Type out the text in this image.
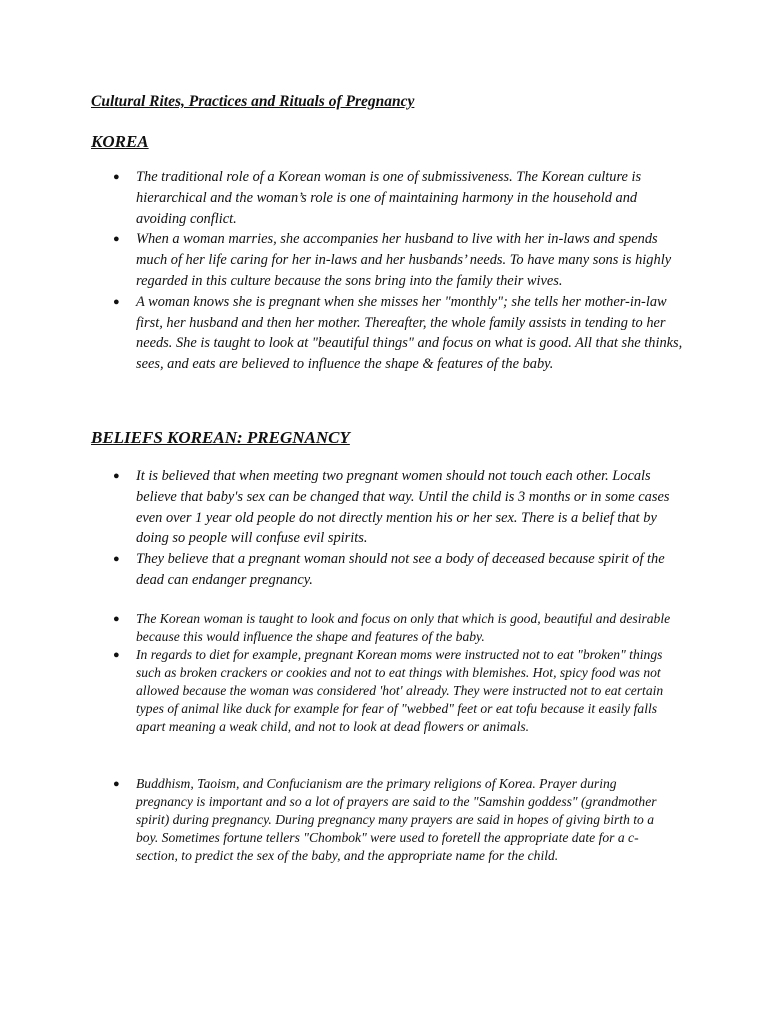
Cultural Rites, Practices and Rituals of Pregnancy
KOREA
● The traditional role of a Korean woman is one of submissiveness. The Korean culture is hierarchical and the woman’s role is one of maintaining harmony in the household and avoiding conflict.
● When a woman marries, she accompanies her husband to live with her in-laws and spends much of her life caring for her in-laws and her husbands’ needs. To have many sons is highly regarded in this culture because the sons bring into the family their wives.
● A woman knows she is pregnant when she misses her "monthly"; she tells her mother-in-law first, her husband and then her mother. Thereafter, the whole family assists in tending to her needs. She is taught to look at "beautiful things" and focus on what is good. All that she thinks, sees, and eats are believed to influence the shape & features of the baby.
BELIEFS KOREAN: PREGNANCY
● It is believed that when meeting two pregnant women should not touch each other. Locals believe that baby's sex can be changed that way. Until the child is 3 months or in some cases even over 1 year old people do not directly mention his or her sex. There is a belief that by doing so people will confuse evil spirits.
● They believe that a pregnant woman should not see a body of deceased because spirit of the dead can endanger pregnancy.
● The Korean woman is taught to look and focus on only that which is good, beautiful and desirable because this would influence the shape and features of the baby.
● In regards to diet for example, pregnant Korean moms were instructed not to eat "broken" things such as broken crackers or cookies and not to eat things with blemishes. Hot, spicy food was not allowed because the woman was considered 'hot' already. They were instructed not to eat certain types of animal like duck for example for fear of "webbed" feet or eat tofu because it easily falls apart meaning a weak child, and not to look at dead flowers or animals.
● Buddhism, Taoism, and Confucianism are the primary religions of Korea. Prayer during pregnancy is important and so a lot of prayers are said to the "Samshin goddess" (grandmother spirit) during pregnancy. During pregnancy many prayers are said in hopes of giving birth to a boy. Sometimes fortune tellers "Chombok" were used to foretell the appropriate date for a c-section, to predict the sex of the baby, and the appropriate name for the child.
